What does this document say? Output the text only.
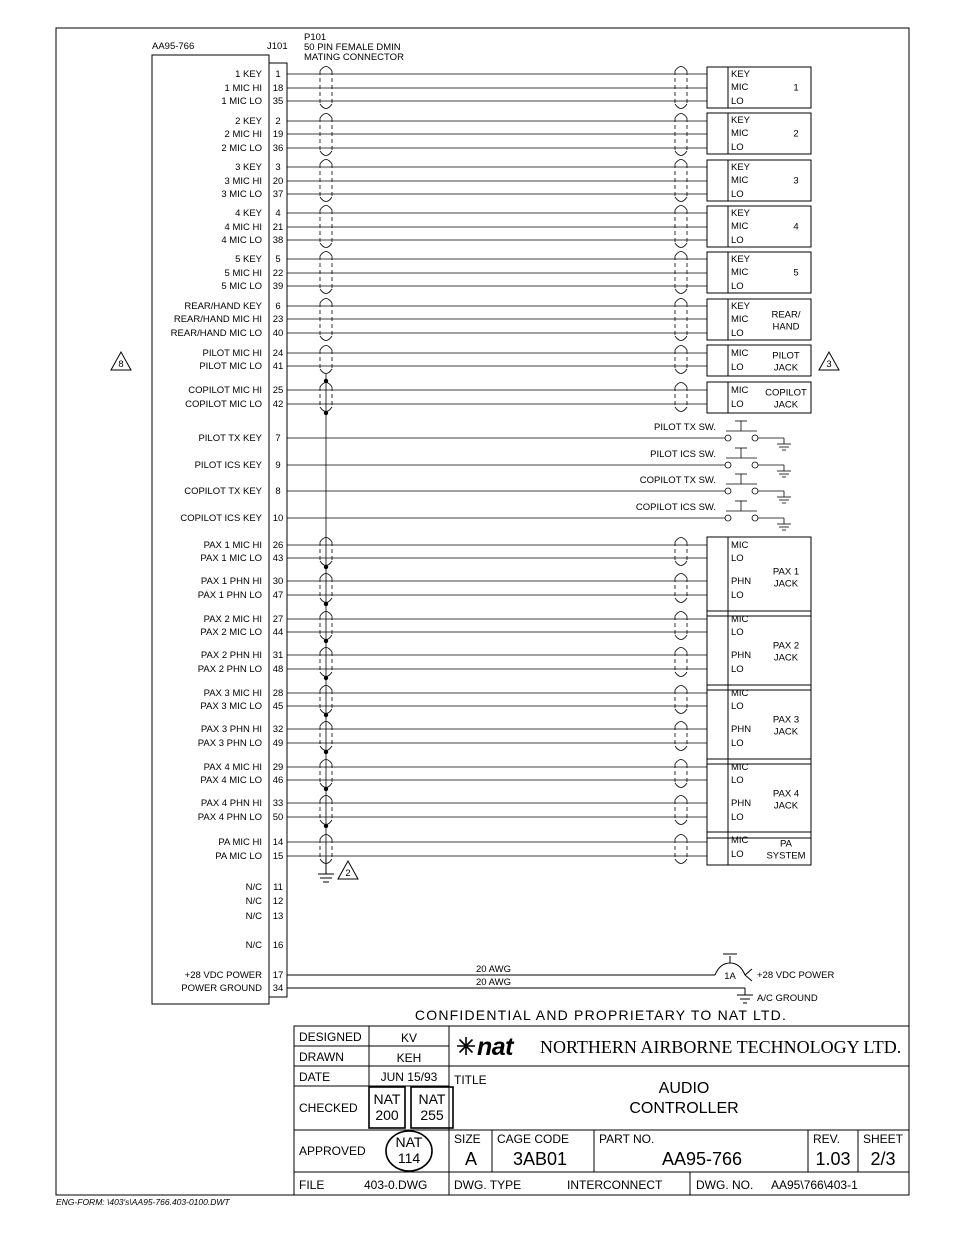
AA95-766	J101
P101
50 PIN FEMALE DMIN
MATING CONNECTOR
8	3
2
1 KEY 1
1 MIC HI 18
1 MIC LO 35
2 KEY 2
2 MIC HI 19
2 MIC LO 36
3 KEY 3
3 MIC HI 20
3 MIC LO 37
4 KEY 4
4 MIC HI 21
4 MIC LO 38
5 KEY 5
5 MIC HI 22
5 MIC LO 39
REAR/HAND KEY 6
REAR/HAND MIC HI 23
REAR/HAND MIC LO 40
PILOT MIC HI 24
PILOT MIC LO 41
COPILOT MIC HI 25
COPILOT MIC LO 42
PILOT TX KEY 7
PILOT ICS KEY 9
COPILOT TX KEY 8
COPILOT ICS KEY 10
PAX 1 MIC HI 26
PAX 1 MIC LO 43
PAX 1 PHN HI 30
PAX 1 PHN LO 47
PAX 2 MIC HI 27
PAX 2 MIC LO 44
PAX 2 PHN HI 31
PAX 2 PHN LO 48
PAX 3 MIC HI 28
PAX 3 MIC LO 45
PAX 3 PHN HI 32
PAX 3 PHN LO 49
PAX 4 MIC HI 29
PAX 4 MIC LO 46
PAX 4 PHN HI 33
PAX 4 PHN LO 50
PA MIC HI 14
PA MIC LO 15
N/C 11
N/C 12
N/C 13
N/C 16
+28 VDC POWER 17
POWER GROUND 34
KEY
MIC
LO
1
KEY
MIC
LO
2
KEY
MIC
LO
3
KEY
MIC
LO
4
KEY
MIC
LO
5
KEY
MIC
LO
REAR/
HAND
MIC
LO
PILOT
JACK
MIC
LO
COPILOT
JACK
MIC
LO
PHN
LO
PAX 1
JACK
MIC
LO
PHN
LO
PAX 2
JACK
MIC
LO
PHN
LO
PAX 3
JACK
MIC
LO
PHN
LO
PAX 4
JACK
MIC
LO
PA
SYSTEM
PILOT TX SW.
PILOT ICS SW.
COPILOT TX SW.
COPILOT ICS SW.
20 AWG
20 AWG
1A +28 VDC POWER
A/C GROUND
CONFIDENTIAL AND PROPRIETARY TO NAT LTD.
DESIGNED	KV
DRAWN	KEH
DATE	JUN 15/93
CHECKED
NAT
200
NAT
255
APPROVED
NAT
114
FILE	403-0.DWG
nat NORTHERN AIRBORNE TECHNOLOGY LTD.
TITLE	AUDIO
CONTROLLER
SIZE
A
CAGE CODE
3AB01
PART NO.
AA95-766
REV.
1.03
SHEET
2/3
DWG. TYPE	INTERCONNECT	DWG. NO. AA95\766\403-1
ENG-FORM: \403's\AA95-766.403-0100.DWT
